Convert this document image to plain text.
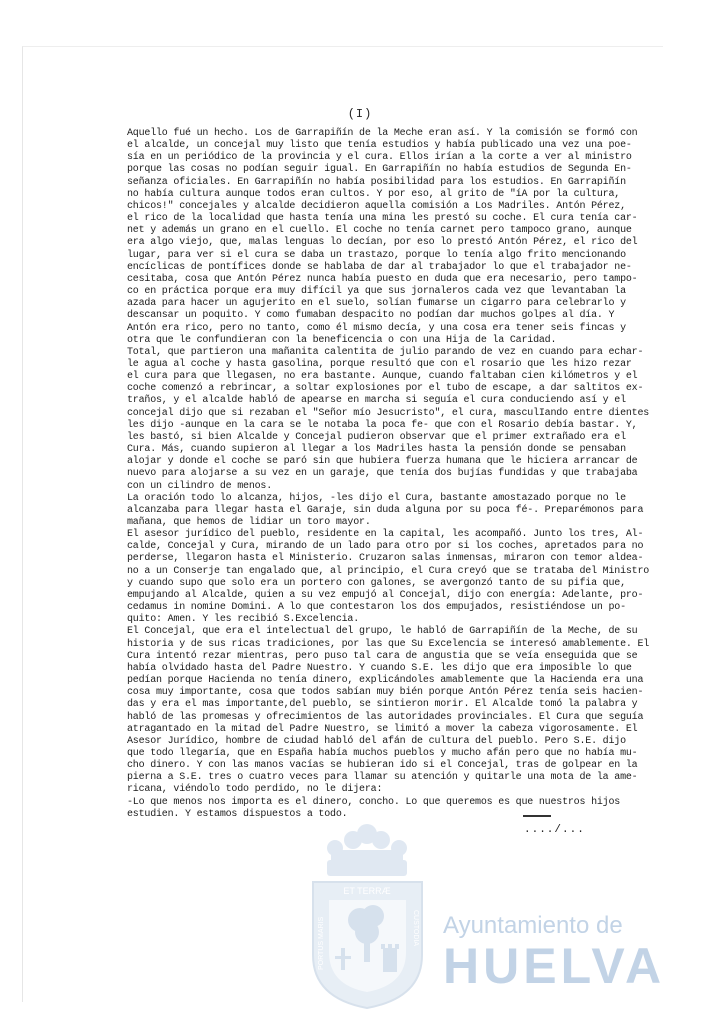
(I)
Aquello fué un hecho. Los de Garrapiñín de la Meche eran así. Y la comisión se formó con
el alcalde, un concejal muy listo que tenía estudios y había publicado una vez una poe-
sía en un periódico de la provincia y el cura. Ellos irían a la corte a ver al ministro
porque las cosas no podían seguir igual. En Garrapiñín no había estudios de Segunda En-
señanza oficiales. En Garrapiñín no había posibilidad para los estudios. En Garrapiñín
no había cultura aunque todos eran cultos. Y por eso, al grito de "íA por la cultura,
chicos!" concejales y alcalde decidieron aquella comisión a Los Madriles. Antón Pérez,
el rico de la localidad que hasta tenía una mina les prestó su coche. El cura tenía car-
net y además un grano en el cuello. El coche no tenía carnet pero tampoco grano, aunque
era algo viejo, que, malas lenguas lo decían, por eso lo prestó Antón Pérez, el rico del
lugar, para ver si el cura se daba un trastazo, porque lo tenía algo frito mencionando
encíclicas de pontífices donde se hablaba de dar al trabajador lo que el trabajador ne-
cesitaba, cosa que Antón Pérez nunca había puesto en duda que era necesario, pero tampo-
co en práctica porque era muy difícil ya que sus jornaleros cada vez que levantaban la
azada para hacer un agujerito en el suelo, solían fumarse un cigarro para celebrarlo y
descansar un poquito. Y como fumaban despacito no podían dar muchos golpes al día. Y
Antón era rico, pero no tanto, como él mismo decía, y una cosa era tener seis fincas y
otra que le confundieran con la beneficencia o con una Hija de la Caridad.
Total, que partieron una mañanita calentita de julio parando de vez en cuando para echar-
le agua al coche y hasta gasolina, porque resultó que con el rosario que les hizo rezar
el cura para que llegasen, no era bastante. Aunque, cuando faltaban cien kilómetros y el
coche comenzó a rebrincar, a soltar explosiones por el tubo de escape, a dar saltitos ex-
traños, y el alcalde habló de apearse en marcha si seguía el cura conduciendo así y el
concejal dijo que si rezaban el "Señor mío Jesucristo", el cura, masculIando entre dientes
les dijo -aunque en la cara se le notaba la poca fe- que con el Rosario debía bastar. Y,
les bastó, si bien Alcalde y Concejal pudieron observar que el primer extrañado era el
Cura. Más, cuando supieron al llegar a los Madriles hasta la pensión donde se pensaban
alojar y donde el coche se paró sin que hubiera fuerza humana que le hiciera arrancar de
nuevo para alojarse a su vez en un garaje, que tenía dos bujías fundidas y que trabajaba
con un cilindro de menos.
La oración todo lo alcanza, hijos, -les dijo el Cura, bastante amostazado porque no le
alcanzaba para llegar hasta el Garaje, sin duda alguna por su poca fé-. Preparémonos para
mañana, que hemos de lidiar un toro mayor.
El asesor jurídico del pueblo, residente en la capital, les acompañó. Junto los tres, Al-
calde, Concejal y Cura, mirando de un lado para otro por si los coches, apretados para no
perderse, llegaron hasta el Ministerio. Cruzaron salas inmensas, miraron con temor aldea-
no a un Conserje tan engalado que, al principio, el Cura creyó que se trataba del Ministro
y cuando supo que solo era un portero con galones, se avergonzó tanto de su pifia que,
empujando al Alcalde, quien a su vez empujó al Concejal, dijo con energía: Adelante, pro-
cedamus in nomine Domini. A lo que contestaron los dos empujados, resistiéndose un po-
quito: Amen. Y les recibió S.Excelencia.
El Concejal, que era el intelectual del grupo, le habló de Garrapiñín de la Meche, de su
historia y de sus ricas tradiciones, por las que Su Excelencia se interesó amablemente. El
Cura intentó rezar mientras, pero puso tal cara de angustia que se veía enseguida que se
había olvidado hasta del Padre Nuestro. Y cuando S.E. les dijo que era imposible lo que
pedían porque Hacienda no tenía dinero, explicándoles amablemente que la Hacienda era una
cosa muy importante, cosa que todos sabían muy bién porque Antón Pérez tenía seis hacien-
das y era el mas importante,del pueblo, se sintieron morir. El Alcalde tomó la palabra y
habló de las promesas y ofrecimientos de las autoridades provinciales. El Cura que seguía
atragantado en la mitad del Padre Nuestro, se limitó a mover la cabeza vigorosamente. El
Asesor Jurídico, hombre de ciudad habló del afán de cultura del pueblo. Pero S.E. dijo
que todo llegaría, que en España había muchos pueblos y mucho afán pero que no había mu-
cho dinero. Y con las manos vacías se hubieran ido si el Concejal, tras de golpear en la
pierna a S.E. tres o cuatro veces para llamar su atención y quitarle una mota de la ame-
ricana, viéndolo todo perdido, no le dijera:
-Lo que menos nos importa es el dinero, concho. Lo que queremos es que nuestros hijos
estudien. Y estamos dispuestos a todo.
..../...
ET TERRÆ
PORTUS MARIS	CUSTODIA Ayuntamiento de
HUELVA
